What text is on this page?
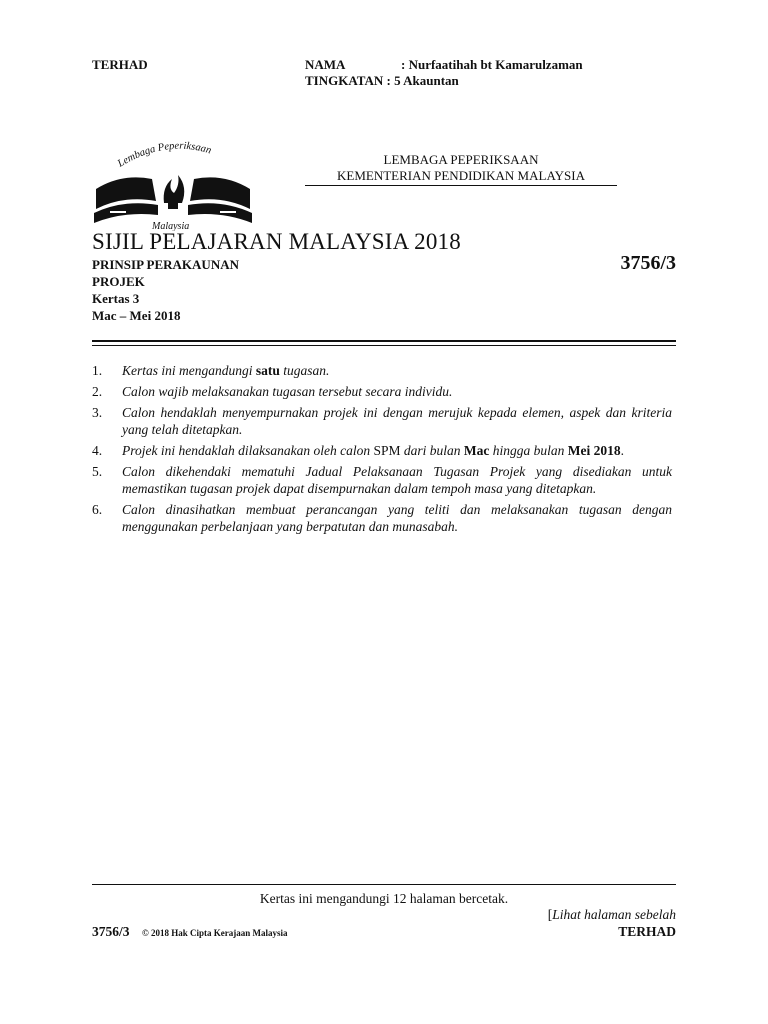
TERHAD	NAMA	: Nurfaatihah bt Kamarulzaman
TINGKATAN : 5 Akauntan
Lembaga Peperiksaan
Malaysia
LEMBAGA PEPERIKSAAN
KEMENTERIAN PENDIDIKAN MALAYSIA
SIJIL PELAJARAN MALAYSIA 2018
PRINSIP PERAKAUNAN
PROJEK
Kertas 3
Mac – Mei 2018
3756/3
1.	Kertas ini mengandungi satu tugasan.
2.	Calon wajib melaksanakan tugasan tersebut secara individu.
3.	Calon hendaklah menyempurnakan projek ini dengan merujuk kepada elemen, aspek dan kriteria yang telah ditetapkan.
4.	Projek ini hendaklah dilaksanakan oleh calon SPM dari bulan Mac hingga bulan Mei 2018.
5.	Calon dikehendaki mematuhi Jadual Pelaksanaan Tugasan Projek yang disediakan untuk memastikan tugasan projek dapat disempurnakan dalam tempoh masa yang ditetapkan.
6.	Calon dinasihatkan membuat perancangan yang teliti dan melaksanakan tugasan dengan menggunakan perbelanjaan yang berpatutan dan munasabah.
Kertas ini mengandungi 12 halaman bercetak.
[Lihat halaman sebelah
3756/3 © 2018 Hak Cipta Kerajaan Malaysia	TERHAD
